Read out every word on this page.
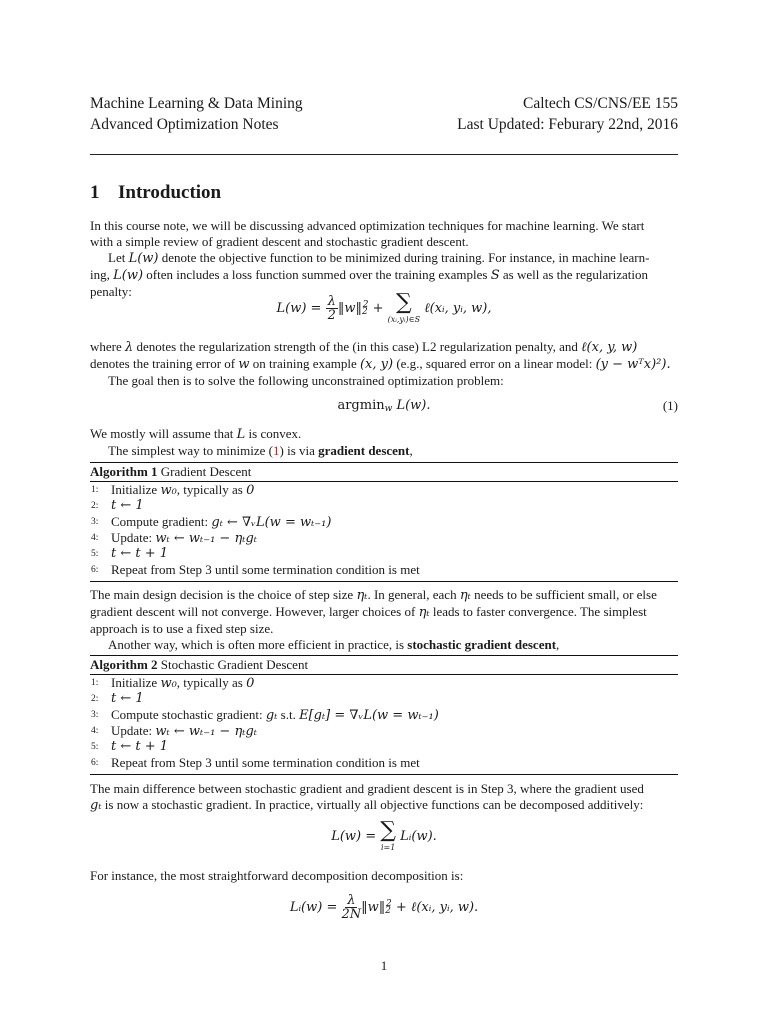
Machine Learning & Data Mining	Caltech CS/CNS/EE 155
Advanced Optimization Notes	Last Updated: Feburary 22nd, 2016
1 Introduction
In this course note, we will be discussing advanced optimization techniques for machine learning. We start
with a simple review of gradient descent and stochastic gradient descent.
Let L(w) denote the objective function to be minimized during training. For instance, in machine learn-
ing, L(w) often includes a loss function summed over the training examples S as well as the regularization
penalty:
$L(w) = \frac{\lambda}{2}$ $‖w‖_2^2$ + ∑
(xᵢ,yᵢ)∈S
ℓ(xᵢ, yᵢ, w),
where λ denotes the regularization strength of the (in this case) L2 regularization penalty, and ℓ(x, y, w)
denotes the training error of w on training example (x, y) (e.g., squared error on a linear model: (y − wᵀx)²).
The goal then is to solve the following unconstrained optimization problem:
argmin$_w$ L(w).	(1)
We mostly will assume that L is convex.
The simplest way to minimize (1) is via gradient descent,
Algorithm 1 Gradient Descent
1: Initialize w₀, typically as 0
2: t ← 1
3: Compute gradient: gₜ ← ∇ᵥL(w = wₜ₋₁)
4: Update: wₜ ← wₜ₋₁ − ηₜgₜ
5: t ← t + 1
6: Repeat from Step 3 until some termination condition is met
The main design decision is the choice of step size ηₜ. In general, each ηₜ needs to be sufficient small, or else
gradient descent will not converge. However, larger choices of ηₜ leads to faster convergence. The simplest
approach is to use a fixed step size.
Another way, which is often more efficient in practice, is stochastic gradient descent,
Algorithm 2 Stochastic Gradient Descent
1: Initialize w₀, typically as 0
2: t ← 1
3: Compute stochastic gradient: gₜ s.t. E[gₜ] = ∇ᵥL(w = wₜ₋₁)
4: Update: wₜ ← wₜ₋₁ − ηₜgₜ
5: t ← t + 1
6: Repeat from Step 3 until some termination condition is met
The main difference between stochastic gradient and gradient descent is in Step 3, where the gradient used
gₜ is now a stochastic gradient. In practice, virtually all objective functions can be decomposed additively:
L(w) = ∑
i=1
Lᵢ(w).
For instance, the most straightforward decomposition decomposition is:
Lᵢ(w) = $\frac{\lambda}{2N}$ $‖w‖_2^2$ + ℓ(xᵢ, yᵢ, w).
1
